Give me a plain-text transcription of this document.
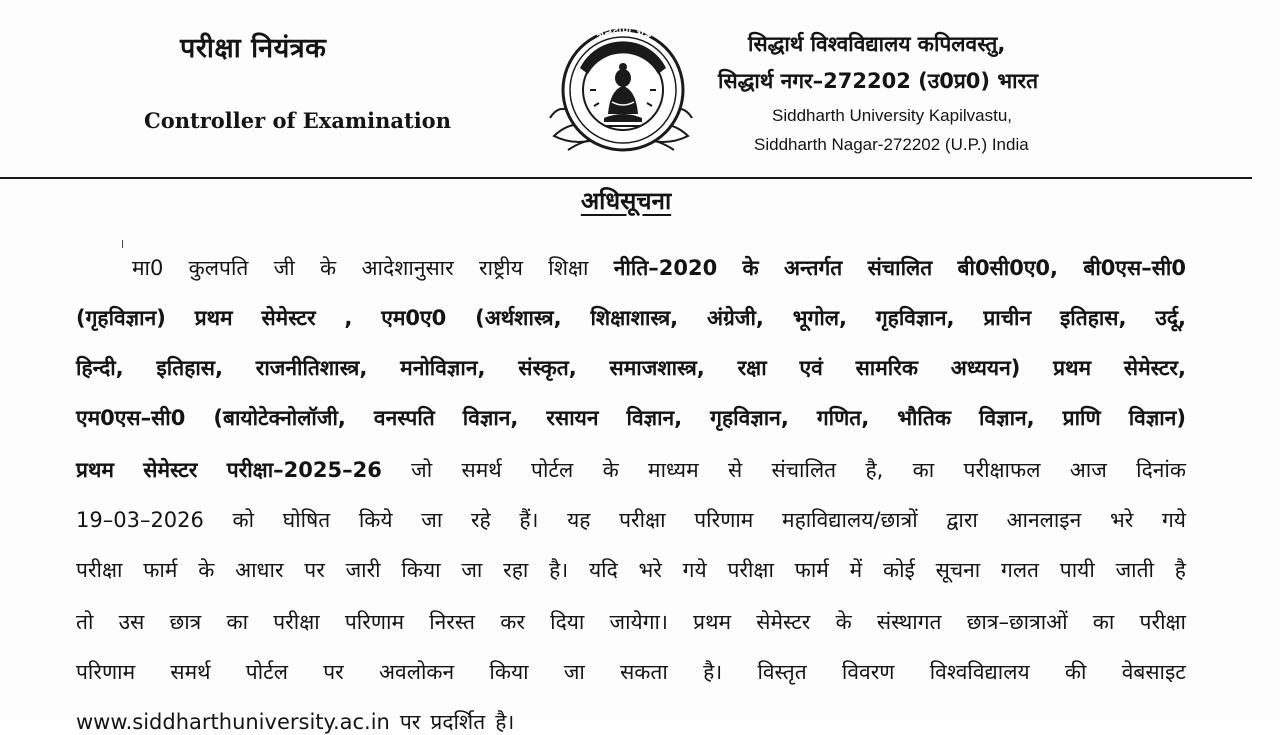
परीक्षा नियंत्रक
Controller of Examination
अत्तदीपो भव	सिद्धार्थ विश्वविद्यालय कपिलवस्तु,
सिद्धार्थ नगर–272202 (उ0प्र0) भारत
Siddharth University Kapilvastu,
Siddharth Nagar-272202 (U.P.) India
अधिसूचना
मा0 कुलपति जी के आदेशानुसार राष्ट्रीय शिक्षा नीति–2020 के अन्तर्गत संचालित बी0सी0ए0, बी0एस–सी0
(गृहविज्ञान) प्रथम सेमेस्टर , एम0ए0 (अर्थशास्त्र, शिक्षाशास्त्र, अंग्रेजी, भूगोल, गृहविज्ञान, प्राचीन इतिहास, उर्दू,
हिन्दी, इतिहास, राजनीतिशास्त्र, मनोविज्ञान, संस्कृत, समाजशास्त्र, रक्षा एवं सामरिक अध्ययन) प्रथम सेमेस्टर,
एम0एस–सी0 (बायोटेक्नोलॉजी, वनस्पति विज्ञान, रसायन विज्ञान, गृहविज्ञान, गणित, भौतिक विज्ञान, प्राणि विज्ञान)
प्रथम सेमेस्टर परीक्षा–2025–26 जो समर्थ पोर्टल के माध्यम से संचालित है, का परीक्षाफल आज दिनांक
19–03–2026 को घोषित किये जा रहे हैं। यह परीक्षा परिणाम महाविद्यालय/छात्रों द्वारा आनलाइन भरे गये
परीक्षा फार्म के आधार पर जारी किया जा रहा है। यदि भरे गये परीक्षा फार्म में कोई सूचना गलत पायी जाती है
तो उस छात्र का परीक्षा परिणाम निरस्त कर दिया जायेगा। प्रथम सेमेस्टर के संस्थागत छात्र–छात्राओं का परीक्षा
परिणाम समर्थ पोर्टल पर अवलोकन किया जा सकता है। विस्तृत विवरण विश्वविद्यालय की वेबसाइट
www.siddharthuniversity.ac.in पर प्रदर्शित है।
